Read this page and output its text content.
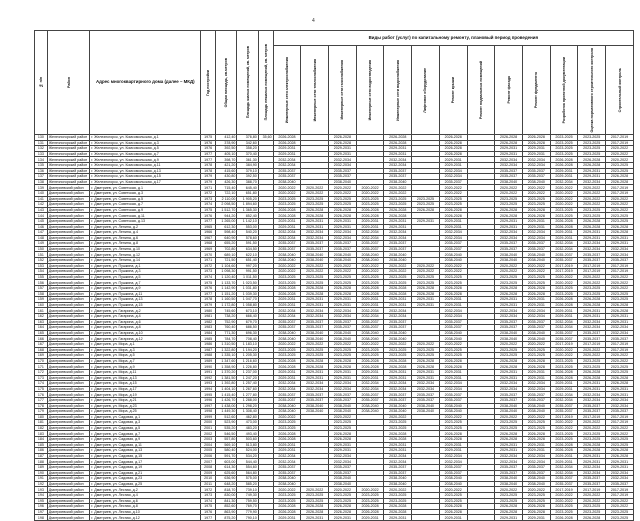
4
№ п/п	Район	Адрес многоквартирного дома (далее – МКД)	Год постройки	Общая площадь, кв.метров	Площадь жилых помещений, кв. метров	Площадь нежилых помещений, кв. метров	Виды работ (услуг) по капитальному ремонту, плановый период проведения												

							Инженерные сети электроснабжения	Инженерные сети теплоснабжения	Инженерные сети газоснабжения	Инженерные сети водоотведения	Инженерные сети водоснабжения	Лифтовое оборудование	Ремонт крыши	Ремонт подвальных помещений	Ремонт фасада	Ремонт фундамента	Разработка проектной документации	Оценка нормативного строительного контроля	Строительный контроль

130	Железногорский район	г. Железногорск, ул. Комсомольская, д.1	1975	412,40	376,80	35,60	2026-2028		2026-2028		2026-2028		2026-2028		2026-2028	2026-2028	2023-2025	2023-2025	2017-2019
131	Железногорский район	г. Железногорск, ул. Комсомольская, д.3	1976	378,90	342,60		2026-2028		2026-2028		2026-2028		2026-2028		2026-2028	2026-2028	2023-2025	2023-2025	2017-2019
132	Железногорский район	г. Железногорск, ул. Комсомольская, д.5	1976	392,50	358,20		2029-2031		2029-2031		2029-2031		2026-2028		2029-2031	2029-2031	2023-2025	2023-2025	2020-2022
133	Железногорский район	г. Железногорск, ул. Комсомольская, д.7	1977	405,10	370,40		2029-2031		2029-2031		2029-2031		2026-2028		2029-2031	2029-2031	2023-2025	2023-2025	2020-2022
134	Железногорский район	г. Железногорск, ул. Комсомольская, д.9	1977	398,70	361,30		2032-2034		2032-2034		2032-2034		2029-2031		2032-2034	2032-2034	2026-2028	2026-2028	2020-2022
135	Железногорский район	г. Железногорск, ул. Комсомольская, д.11	1978	421,20	384,90		2032-2034		2032-2034		2032-2034		2029-2031		2032-2034	2032-2034	2026-2028	2026-2028	2023-2025
136	Железногорский район	г. Железногорск, ул. Комсомольская, д.13	1978	415,60	379,10		2035-2037		2035-2037		2035-2037		2032-2034		2035-2037	2035-2037	2029-2031	2029-2031	2023-2025
137	Железногорский район	г. Железногорск, ул. Комсомольская, д.15	1979	430,80	392,50		2035-2037		2035-2037		2035-2037		2032-2034		2035-2037	2035-2037	2029-2031	2029-2031	2026-2028
138	Железногорский район	г. Железногорск, ул. Комсомольская, д.17	1979	426,30	388,70		2038-2040		2038-2040		2038-2040		2035-2037		2038-2040	2038-2040	2032-2034	2032-2034	2026-2028
139	Дмитриевский район	г. Дмитриев, ул. Советская, д.1	1971	715,40	645,40		2020-2022	2020-2022	2020-2022	2020-2022	2020-2022		2020-2022		2020-2022	2020-2022	2020-2022	2020-2022	2017-2019
140	Дмитриевский район	г. Дмитриев, ул. Советская, д.3	1972	722,10	651,80		2020-2022	2020-2022	2020-2022	2020-2022	2020-2022		2020-2022		2020-2022	2020-2022	2020-2022	2020-2022	2017-2019
141	Дмитриевский район	г. Дмитриев, ул. Советская, д.5	1973	2 110,00	1 905,20		2023-2025	2023-2025	2023-2025	2023-2025	2023-2025	2023-2025	2023-2025		2023-2025	2023-2025	2020-2022	2020-2022	2020-2022
142	Дмитриевский район	г. Дмитриев, ул. Советская, д.7	1974	2 098,50	1 894,60		2023-2025	2023-2025	2023-2025	2023-2025	2023-2025	2023-2025	2023-2025		2023-2025	2023-2025	2020-2022	2020-2022	2020-2022
143	Дмитриевский район	г. Дмитриев, ул. Советская, д.9	1975	1 512,70	1 365,30		2026-2028	2026-2028	2026-2028	2026-2028	2026-2028	2026-2028	2026-2028		2026-2028	2026-2028	2023-2025	2023-2025	2020-2022
144	Дмитриевский район	г. Дмитриев, ул. Советская, д.11	1976	944,20	852,40		2026-2028	2026-2028	2026-2028	2026-2028	2026-2028		2026-2028		2026-2028	2026-2028	2023-2025	2023-2025	2023-2025
145	Дмитриевский район	г. Дмитриев, ул. Советская, д.13	1977	1 265,00	1 142,10		2029-2031	2029-2031	2029-2031	2029-2031	2029-2031	2029-2031	2029-2031		2029-2031	2029-2031	2026-2028	2026-2028	2023-2025
146	Дмитриевский район	г. Дмитриев, ул. Ленина, д.2	1965	612,30	553,00		2029-2031	2029-2031	2029-2031	2029-2031	2029-2031		2029-2031		2029-2031	2029-2031	2026-2028	2026-2028	2026-2028
147	Дмитриевский район	г. Дмитриев, ул. Ленина, д.4	1966	598,40	540,20		2032-2034	2032-2034	2032-2034	2032-2034	2032-2034		2032-2034		2032-2034	2032-2034	2029-2031	2029-2031	2026-2028
148	Дмитриевский район	г. Дмитриев, ул. Ленина, д.6	1967	640,90	578,60		2032-2034	2032-2034	2032-2034	2032-2034	2032-2034		2032-2034		2032-2034	2032-2034	2029-2031	2029-2031	2029-2031
149	Дмитриевский район	г. Дмитриев, ул. Ленина, д.8	1968	655,20	591,50		2035-2037	2035-2037	2035-2037	2035-2037	2035-2037		2035-2037		2035-2037	2035-2037	2032-2034	2032-2034	2029-2031
150	Дмитриевский район	г. Дмитриев, ул. Ленина, д.10	1969	702,80	634,50		2035-2037	2035-2037	2035-2037	2035-2037	2035-2037		2035-2037		2035-2037	2035-2037	2032-2034	2032-2034	2032-2034
151	Дмитриевский район	г. Дмитриев, ул. Ленина, д.12	1970	689,10	622,10		2038-2040	2038-2040	2038-2040	2038-2040	2038-2040		2038-2040		2038-2040	2038-2040	2035-2037	2035-2037	2032-2034
152	Дмитриевский район	г. Дмитриев, ул. Ленина, д.14	1971	721,50	651,40		2038-2040	2038-2040	2038-2040	2038-2040	2038-2040		2038-2040		2038-2040	2038-2040	2035-2037	2035-2037	2035-2037
153	Дмитриевский район	г. Дмитриев, ул. Пушкина, д.1	1972	1 104,60	997,20		2020-2022	2020-2022	2020-2022	2020-2022	2020-2022	2020-2022	2020-2022		2020-2022	2020-2022	2017-2019	2017-2019	2017-2019
154	Дмитриевский район	г. Дмитриев, ул. Пушкина, д.3	1973	1 098,30	991,50		2020-2022	2020-2022	2020-2022	2020-2022	2020-2022	2020-2022	2020-2022		2020-2022	2020-2022	2017-2019	2017-2019	2017-2019
155	Дмитриевский район	г. Дмитриев, ул. Пушкина, д.5	1974	1 120,40	1 011,50		2023-2025	2023-2025	2023-2025	2023-2025	2023-2025	2023-2025	2023-2025		2023-2025	2023-2025	2020-2022	2020-2022	2020-2022
156	Дмитриевский район	г. Дмитриев, ул. Пушкина, д.7	1975	1 133,70	1 023,50		2023-2025	2023-2025	2023-2025	2023-2025	2023-2025	2023-2025	2023-2025		2023-2025	2023-2025	2020-2022	2020-2022	2020-2022
157	Дмитриевский район	г. Дмитриев, ул. Пушкина, д.9	1976	1 142,90	1 031,80		2026-2028	2026-2028	2026-2028	2026-2028	2026-2028	2026-2028	2026-2028		2026-2028	2026-2028	2023-2025	2023-2025	2020-2022
158	Дмитриевский район	г. Дмитриев, ул. Пушкина, д.11	1977	1 151,20	1 039,30		2026-2028	2026-2028	2026-2028	2026-2028	2026-2028	2026-2028	2026-2028		2026-2028	2026-2028	2023-2025	2023-2025	2023-2025
159	Дмитриевский район	г. Дмитриев, ул. Пушкина, д.13	1978	1 160,50	1 047,70		2029-2031	2029-2031	2029-2031	2029-2031	2029-2031	2029-2031	2029-2031		2029-2031	2029-2031	2026-2028	2026-2028	2023-2025
160	Дмитриевский район	г. Дмитриев, ул. Пушкина, д.15	1979	1 172,80	1 058,80		2029-2031	2029-2031	2029-2031	2029-2031	2029-2031	2029-2031	2029-2031		2029-2031	2029-2031	2026-2028	2026-2028	2026-2028
161	Дмитриевский район	г. Дмитриев, ул. Гагарина, д.2	1980	745,60	673,10		2032-2034	2032-2034	2032-2034	2032-2034	2032-2034		2032-2034		2032-2034	2032-2034	2029-2031	2029-2031	2026-2028
162	Дмитриевский район	г. Дмитриев, ул. Гагарина, д.4	1981	738,20	666,40		2032-2034	2032-2034	2032-2034	2032-2034	2032-2034		2032-2034		2032-2034	2032-2034	2029-2031	2029-2031	2029-2031
163	Дмитриевский район	г. Дмитриев, ул. Гагарина, д.6	1982	752,90	679,70		2035-2037	2035-2037	2035-2037	2035-2037	2035-2037		2035-2037		2035-2037	2035-2037	2032-2034	2032-2034	2029-2031
164	Дмитриевский район	г. Дмитриев, ул. Гагарина, д.8	1983	760,40	686,50		2035-2037	2035-2037	2035-2037	2035-2037	2035-2037		2035-2037		2035-2037	2035-2037	2032-2034	2032-2034	2032-2034
165	Дмитриевский район	г. Дмитриев, ул. Гагарина, д.10	1984	771,30	696,30		2038-2040	2038-2040	2038-2040	2038-2040	2038-2040		2038-2040		2038-2040	2038-2040	2035-2037	2035-2037	2032-2034
166	Дмитриевский район	г. Дмитриев, ул. Гагарина, д.12	1985	784,70	708,40		2038-2040	2038-2040	2038-2040	2038-2040	2038-2040		2038-2040		2038-2040	2038-2040	2035-2037	2035-2037	2035-2037
167	Дмитриевский район	г. Дмитриев, ул. Мира, д.1	1986	1 310,50	1 183,10		2020-2022	2020-2022	2020-2022	2020-2022	2020-2022	2020-2022	2020-2022		2020-2022	2020-2022	2017-2019	2017-2019	2017-2019
168	Дмитриевский район	г. Дмитриев, ул. Мира, д.3	1987	1 322,80	1 194,20		2023-2025	2023-2025	2023-2025	2023-2025	2023-2025	2023-2025	2023-2025		2023-2025	2023-2025	2020-2022	2020-2022	2017-2019
169	Дмитриевский район	г. Дмитриев, ул. Мира, д.5	1988	1 335,10	1 205,30		2023-2025	2023-2025	2023-2025	2023-2025	2023-2025	2023-2025	2023-2025		2023-2025	2023-2025	2020-2022	2020-2022	2020-2022
170	Дмитриевский район	г. Дмитриев, ул. Мира, д.7	1989	1 347,60	1 216,60		2026-2028	2026-2028	2026-2028	2026-2028	2026-2028	2026-2028	2026-2028		2026-2028	2026-2028	2023-2025	2023-2025	2020-2022
171	Дмитриевский район	г. Дмитриев, ул. Мира, д.9	1990	1 358,90	1 226,80		2026-2028	2026-2028	2026-2028	2026-2028	2026-2028	2026-2028	2026-2028		2026-2028	2026-2028	2023-2025	2023-2025	2023-2025
172	Дмитриевский район	г. Дмитриев, ул. Мира, д.11	1991	1 370,20	1 237,00		2029-2031	2029-2031	2029-2031	2029-2031	2029-2031	2029-2031	2029-2031		2029-2031	2029-2031	2026-2028	2026-2028	2023-2025
173	Дмитриевский район	г. Дмитриев, ул. Мира, д.13	1992	1 381,50	1 247,20		2029-2031	2029-2031	2029-2031	2029-2031	2029-2031	2029-2031	2029-2031		2029-2031	2029-2031	2026-2028	2026-2028	2026-2028
174	Дмитриевский район	г. Дмитриев, ул. Мира, д.15	1993	1 392,80	1 257,40		2032-2034	2032-2034	2032-2034	2032-2034	2032-2034	2032-2034	2032-2034		2032-2034	2032-2034	2029-2031	2029-2031	2026-2028
175	Дмитриевский район	г. Дмитриев, ул. Мира, д.17	1994	1 404,10	1 267,60		2032-2034	2032-2034	2032-2034	2032-2034	2032-2034	2032-2034	2032-2034		2032-2034	2032-2034	2029-2031	2029-2031	2029-2031
176	Дмитриевский район	г. Дмитриев, ул. Мира, д.19	1995	1 415,40	1 277,80		2035-2037	2035-2037	2035-2037	2035-2037	2035-2037	2035-2037	2035-2037		2035-2037	2035-2037	2032-2034	2032-2034	2029-2031
177	Дмитриевский район	г. Дмитриев, ул. Мира, д.21	1996	1 426,70	1 288,00		2035-2037	2035-2037	2035-2037	2035-2037	2035-2037	2035-2037	2035-2037		2035-2037	2035-2037	2032-2034	2032-2034	2032-2034
178	Дмитриевский район	г. Дмитриев, ул. Мира, д.23	1997	1 438,00	1 298,20		2038-2040	2038-2040	2038-2040	2038-2040	2038-2040	2038-2040	2038-2040		2038-2040	2038-2040	2035-2037	2035-2037	2032-2034
179	Дмитриевский район	г. Дмитриев, ул. Мира, д.25	1998	1 449,30	1 308,40		2038-2040	2038-2040	2038-2040	2038-2040	2038-2040	2038-2040	2038-2040		2038-2040	2038-2040	2035-2037	2035-2037	2035-2037
180	Дмитриевский район	г. Дмитриев, ул. Садовая, д.1	1999	512,60	462,80		2020-2022		2020-2022		2020-2022		2020-2022		2020-2022	2020-2022	2017-2019	2017-2019	2017-2019
181	Дмитриевский район	г. Дмитриев, ул. Садовая, д.3	2000	523,90	473,00		2023-2025		2023-2025		2023-2025		2023-2025		2023-2025	2023-2025	2020-2022	2020-2022	2017-2019
182	Дмитриевский район	г. Дмитриев, ул. Садовая, д.5	2001	535,20	483,20		2023-2025		2023-2025		2023-2025		2023-2025		2023-2025	2023-2025	2020-2022	2020-2022	2020-2022
183	Дмитриевский район	г. Дмитриев, ул. Садовая, д.7	2002	546,50	493,40		2026-2028		2026-2028		2026-2028		2026-2028		2026-2028	2026-2028	2023-2025	2023-2025	2020-2022
184	Дмитриевский район	г. Дмитриев, ул. Садовая, д.9	2003	557,80	503,60		2026-2028		2026-2028		2026-2028		2026-2028		2026-2028	2026-2028	2023-2025	2023-2025	2023-2025
185	Дмитриевский район	г. Дмитриев, ул. Садовая, д.11	2004	569,10	513,80		2029-2031		2029-2031		2029-2031		2029-2031		2029-2031	2029-2031	2026-2028	2026-2028	2023-2025
186	Дмитриевский район	г. Дмитриев, ул. Садовая, д.13	2005	580,40	524,00		2029-2031		2029-2031		2029-2031		2029-2031		2029-2031	2029-2031	2026-2028	2026-2028	2026-2028
187	Дмитриевский район	г. Дмитриев, ул. Садовая, д.15	2006	591,70	534,20		2032-2034		2032-2034		2032-2034		2032-2034		2032-2034	2032-2034	2029-2031	2029-2031	2026-2028
188	Дмитриевский район	г. Дмитриев, ул. Садовая, д.17	2007	603,00	544,40		2032-2034		2032-2034		2032-2034		2032-2034		2032-2034	2032-2034	2029-2031	2029-2031	2029-2031
189	Дмитриевский район	г. Дмитриев, ул. Садовая, д.19	2008	614,30	554,60		2035-2037		2035-2037		2035-2037		2035-2037		2035-2037	2035-2037	2032-2034	2032-2034	2029-2031
190	Дмитриевский район	г. Дмитриев, ул. Садовая, д.21	2009	625,60	564,80		2035-2037		2035-2037		2035-2037		2035-2037		2035-2037	2035-2037	2032-2034	2032-2034	2032-2034
191	Дмитриевский район	г. Дмитриев, ул. Садовая, д.23	2010	636,90	575,00		2038-2040		2038-2040		2038-2040		2038-2040		2038-2040	2038-2040	2035-2037	2035-2037	2032-2034
192	Дмитриевский район	г. Дмитриев, ул. Садовая, д.25	2011	648,20	585,20		2038-2040		2038-2040		2038-2040		2038-2040		2038-2040	2038-2040	2035-2037	2035-2037	2035-2037
193	Дмитриевский район	г. Дмитриев, ул. Лесная, д.2	1972	818,70	739,10		2020-2022	2020-2022	2020-2022	2020-2022	2020-2022		2020-2022		2020-2022	2020-2022	2017-2019	2017-2019	2017-2019
194	Дмитриевский район	г. Дмитриев, ул. Лесная, д.4	1973	830,00	749,30		2023-2025	2023-2025	2023-2025	2023-2025	2023-2025		2023-2025		2023-2025	2023-2025	2020-2022	2020-2022	2017-2019
195	Дмитриевский район	г. Дмитриев, ул. Лесная, д.6	1974	841,30	759,50		2023-2025	2023-2025	2023-2025	2023-2025	2023-2025		2023-2025		2023-2025	2023-2025	2020-2022	2020-2022	2020-2022
196	Дмитриевский район	г. Дмитриев, ул. Лесная, д.8	1975	852,60	769,70		2026-2028	2026-2028	2026-2028	2026-2028	2026-2028		2026-2028		2026-2028	2026-2028	2023-2025	2023-2025	2020-2022
197	Дмитриевский район	г. Дмитриев, ул. Лесная, д.10	1976	863,90	779,90		2026-2028	2026-2028	2026-2028	2026-2028	2026-2028		2026-2028		2026-2028	2026-2028	2023-2025	2023-2025	2023-2025
198	Дмитриевский район	г. Дмитриев, ул. Лесная, д.12	1977	875,20	790,10		2029-2031	2029-2031	2029-2031	2029-2031	2029-2031		2029-2031		2029-2031	2029-2031	2026-2028	2026-2028	2023-2025
